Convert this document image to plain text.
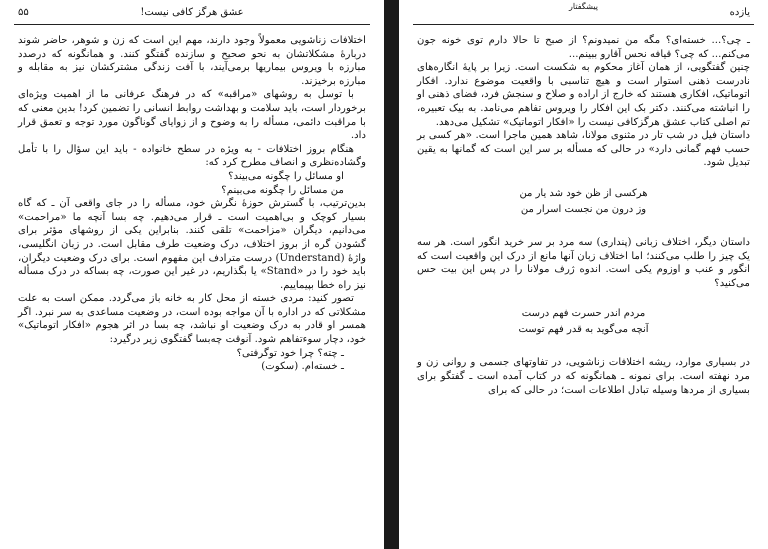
۵۵	عشق هرگز کافی نیست!

اختلافات زناشویی معمولاً وجود دارند، مهم این است که زن و شوهر، حاضر شوند دربارهٔ مشکلاتشان به نحو صحیح و سازنده گفتگو کنند. و همانگونه که درصدد مبارزه با ویروس بیماریها برمی‌آیند، با آفت زندگی مشترکشان نیز به مقابله و مبارزه برخیزند.

با توسل به روشهای «مراقبه» که در فرهنگ عرفانی ما از اهمیت ویژه‌ای برخوردار است، باید سلامت و بهداشت روابط انسانی را تضمین کرد! بدین معنی که با مراقبت دائمی، مسأله را به وضوح و از زوایای گوناگون مورد توجه و تعمق قرار داد.

هنگام بروز اختلافات - به ویژه در سطح خانواده - باید این سؤال را با تأمل وگشاده‌نظری و انصاف مطرح کرد که:

او مسائل را چگونه می‌بیند؟

من مسائل را چگونه می‌بینم؟

بدین‌ترتیب، با گسترش حوزهٔ نگرش خود، مسأله را در جای واقعی آن ـ که گاه بسیار کوچک و بی‌اهمیت است ـ قرار می‌دهیم. چه بسا آنچه ما «مراحمت» می‌دانیم، دیگران «مزاحمت» تلقی کنند. بنابراین یکی از روشهای مؤثر برای گشودن گره از بروز اختلاف، درک وضعیت طرف مقابل است. در زبان انگلیسی، واژهٔ (Understand) درست مترادف این مفهوم است. برای درک وضعیت دیگران، باید خود را در «Stand» یا بگذاریم، در غیر این صورت، چه بساکه در درک مسأله نیز راه خطا بپیماییم.

تصور کنید: مردی خسته از محل کار به خانه باز می‌گردد. ممکن است به علت مشکلاتی که در اداره با آن مواجه بوده است، در وضعیت مساعدی به سر نبرد. اگر همسر او قادر به درک وضعیت او نباشد، چه بسا در اثر هجوم «افکار اتوماتیک» خود، دچار سوءتفاهم شود. آنوقت چه‌بسا گفتگوی زیر درگیرد:

ـ چته؟ چرا خود توگرفتی؟

ـ خسته‌ام. (سکوت)

پیشگفتار
یازده

ـ چی؟... خسته‌ای؟ مگه من نمیدونم؟ از صبح تا حالا دارم توی خونه جون می‌کنم... که چی؟ قیافه نحس آقارو ببینم...

چنین گفتگویی، از همان آغاز محکوم به شکست است. زیرا بر پایهٔ انگاره‌های نادرست ذهنی استوار است و هیچ تناسبی با واقعیت موضوع ندارد. افکار اتوماتیک، افکاری هستند که خارج از اراده و صلاح و سنجش فرد، فضای ذهنی او را انباشته می‌کنند. دکتر بک این افکار را ویروس تفاهم می‌نامد. به بیک تعبیره، تم اصلی کتاب عشق هرگزکافی نیست را «افکار اتوماتیک» تشکیل می‌دهد.

داستان فیل در شب تار در مثنوی مولانا، شاهد همین ماجرا است. «هر کسی بر حسب فهم گمانی دارد» در حالی که مسأله بر سر این است که گمانها به یقین تبدیل شود.

هرکسی از ظن خود شد یار من
وز درون من نجست اسرار من

داستان دیگر، اختلاف زبانی (پنداری) سه مرد بر سر خرید انگور است. هر سه یک چیز را طلب می‌کنند؛ اما اختلاف زبان آنها مانع از درک این واقعیت است که انگور و عنب و اوزوم یکی است. اندوه ژرف مولانا را در پس این بیت حس می‌کنید؟

مردم اندر حسرت فهم درست
آنچه می‌گوید به قدر فهم توست

در بسیاری موارد، ریشه اختلافات زناشویی، در تفاوتهای جسمی و روانی زن و مرد نهفته است. برای نمونه ـ همانگونه که در کتاب آمده است ـ گفتگو برای بسیاری از مردها وسیله تبادل اطلاعات است؛ در حالی که برای
